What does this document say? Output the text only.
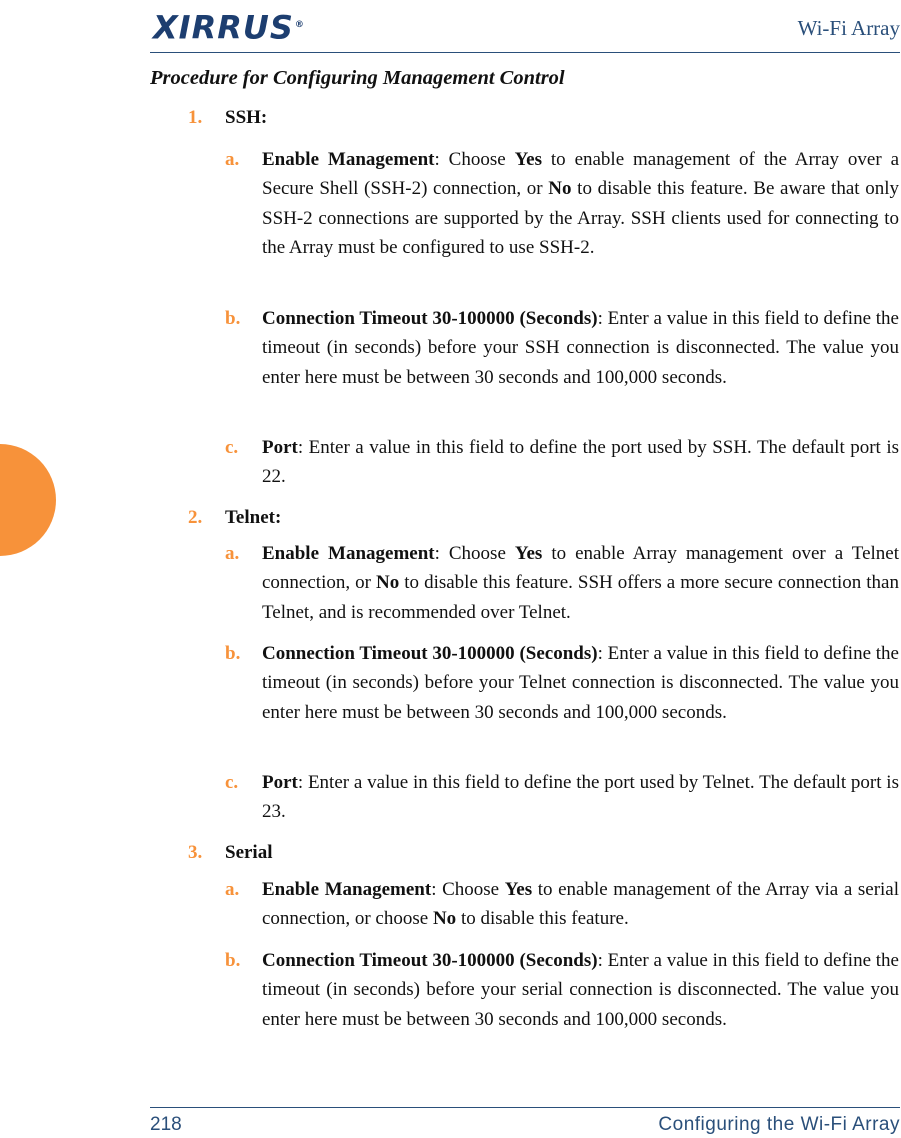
XIRRUS®	Wi-Fi Array
Procedure for Configuring Management Control
1. SSH:
a. Enable Management: Choose Yes to enable management of the Array over a Secure Shell (SSH-2) connection, or No to disable this feature. Be aware that only SSH-2 connections are supported by the Array. SSH clients used for connecting to the Array must be configured to use SSH-2.
b. Connection Timeout 30-100000 (Seconds): Enter a value in this field to define the timeout (in seconds) before your SSH connection is disconnected. The value you enter here must be between 30 seconds and 100,000 seconds.
c. Port: Enter a value in this field to define the port used by SSH. The default port is 22.
2. Telnet:
a. Enable Management: Choose Yes to enable Array management over a Telnet connection, or No to disable this feature. SSH offers a more secure connection than Telnet, and is recommended over Telnet.
b. Connection Timeout 30-100000 (Seconds): Enter a value in this field to define the timeout (in seconds) before your Telnet connection is disconnected. The value you enter here must be between 30 seconds and 100,000 seconds.
c. Port: Enter a value in this field to define the port used by Telnet. The default port is 23.
3. Serial
a. Enable Management: Choose Yes to enable management of the Array via a serial connection, or choose No to disable this feature.
b. Connection Timeout 30-100000 (Seconds): Enter a value in this field to define the timeout (in seconds) before your serial connection is disconnected. The value you enter here must be between 30 seconds and 100,000 seconds.
218	Configuring the Wi-Fi Array
